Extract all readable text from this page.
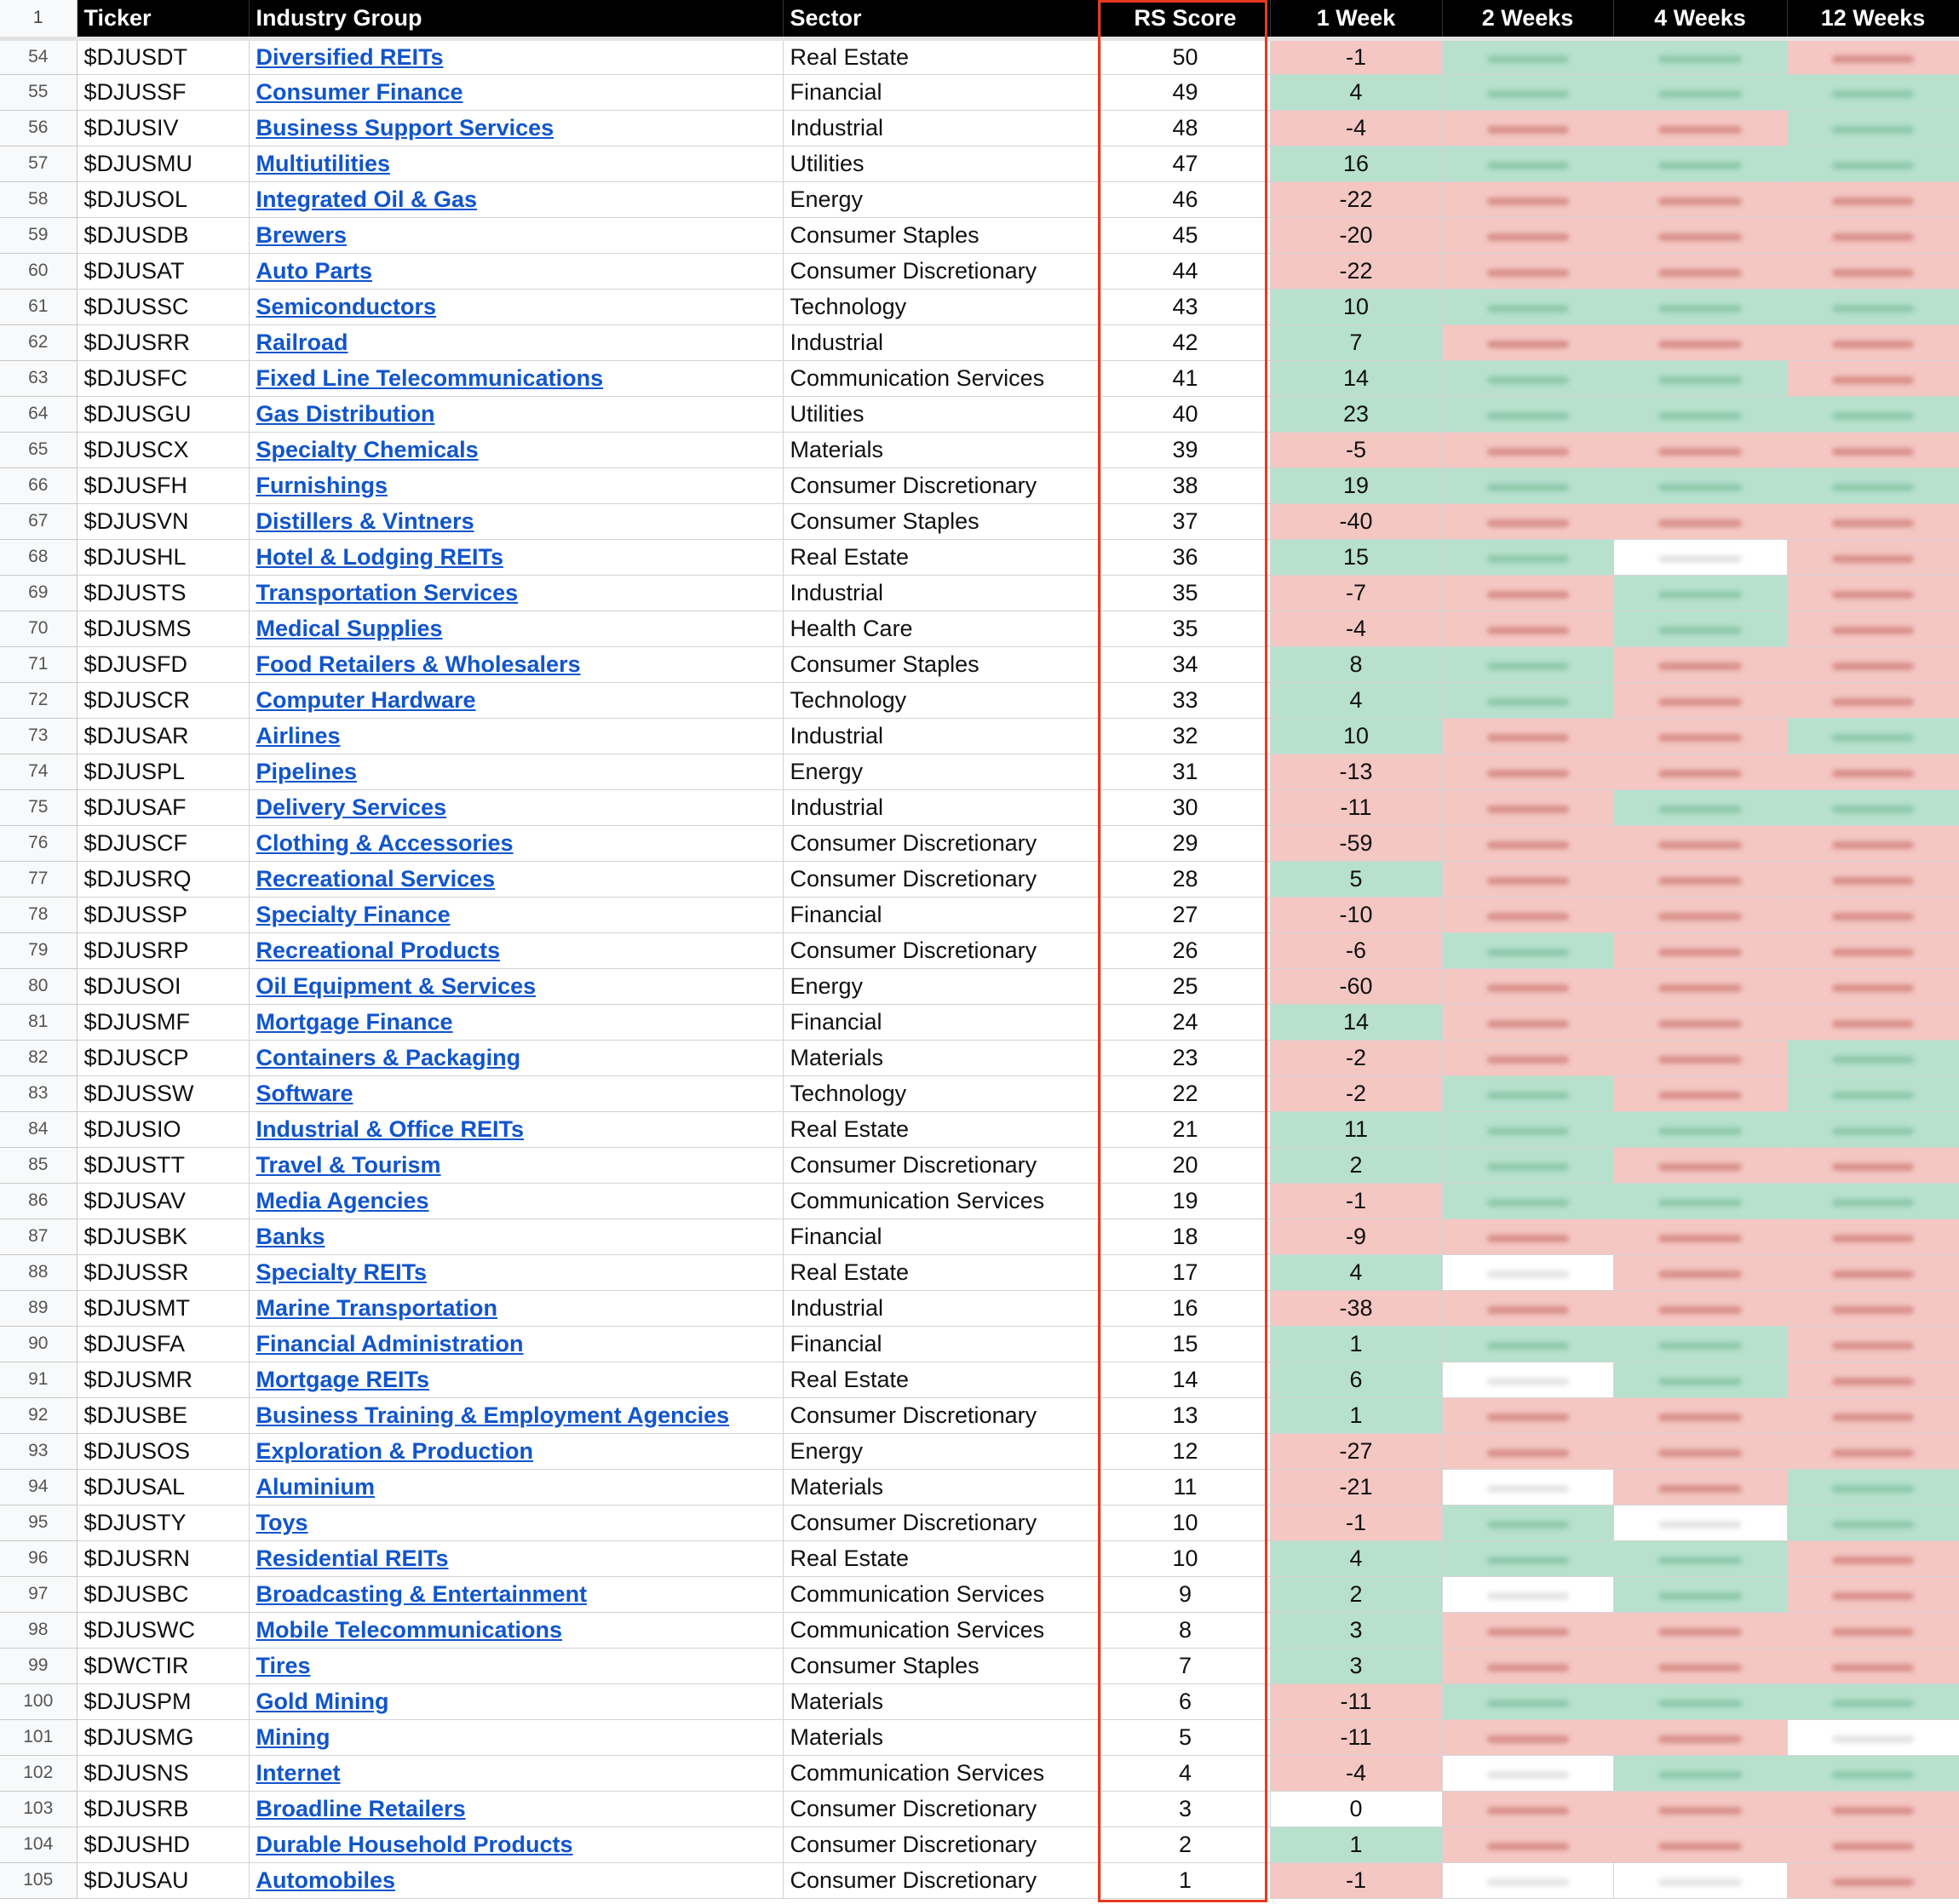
1	Ticker	Industry Group	Sector	RS Score	1 Week	2 Weeks	4 Weeks	12 Weeks
54	$DJUSDT	Diversified REITs	Real Estate	50	-1	

55	$DJUSSF	Consumer Finance	Financial	49	4	

56	$DJUSIV	Business Support Services	Industrial	48	-4	

57	$DJUSMU	Multiutilities	Utilities	47	16	

58	$DJUSOL	Integrated Oil & Gas	Energy	46	-22	

59	$DJUSDB	Brewers	Consumer Staples	45	-20	

60	$DJUSAT	Auto Parts	Consumer Discretionary	44	-22	

61	$DJUSSC	Semiconductors	Technology	43	10	

62	$DJUSRR	Railroad	Industrial	42	7	

63	$DJUSFC	Fixed Line Telecommunications	Communication Services	41	14	

64	$DJUSGU	Gas Distribution	Utilities	40	23	

65	$DJUSCX	Specialty Chemicals	Materials	39	-5	

66	$DJUSFH	Furnishings	Consumer Discretionary	38	19	

67	$DJUSVN	Distillers & Vintners	Consumer Staples	37	-40	

68	$DJUSHL	Hotel & Lodging REITs	Real Estate	36	15	

69	$DJUSTS	Transportation Services	Industrial	35	-7	

70	$DJUSMS	Medical Supplies	Health Care	35	-4	

71	$DJUSFD	Food Retailers & Wholesalers	Consumer Staples	34	8	

72	$DJUSCR	Computer Hardware	Technology	33	4	

73	$DJUSAR	Airlines	Industrial	32	10	

74	$DJUSPL	Pipelines	Energy	31	-13	

75	$DJUSAF	Delivery Services	Industrial	30	-11	

76	$DJUSCF	Clothing & Accessories	Consumer Discretionary	29	-59	

77	$DJUSRQ	Recreational Services	Consumer Discretionary	28	5	

78	$DJUSSP	Specialty Finance	Financial	27	-10	

79	$DJUSRP	Recreational Products	Consumer Discretionary	26	-6	

80	$DJUSOI	Oil Equipment & Services	Energy	25	-60	

81	$DJUSMF	Mortgage Finance	Financial	24	14	

82	$DJUSCP	Containers & Packaging	Materials	23	-2	

83	$DJUSSW	Software	Technology	22	-2	

84	$DJUSIO	Industrial & Office REITs	Real Estate	21	11	

85	$DJUSTT	Travel & Tourism	Consumer Discretionary	20	2	

86	$DJUSAV	Media Agencies	Communication Services	19	-1	

87	$DJUSBK	Banks	Financial	18	-9	

88	$DJUSSR	Specialty REITs	Real Estate	17	4	

89	$DJUSMT	Marine Transportation	Industrial	16	-38	

90	$DJUSFA	Financial Administration	Financial	15	1	

91	$DJUSMR	Mortgage REITs	Real Estate	14	6	

92	$DJUSBE	Business Training & Employment Agencies	Consumer Discretionary	13	1	

93	$DJUSOS	Exploration & Production	Energy	12	-27	

94	$DJUSAL	Aluminium	Materials	11	-21	

95	$DJUSTY	Toys	Consumer Discretionary	10	-1	

96	$DJUSRN	Residential REITs	Real Estate	10	4	

97	$DJUSBC	Broadcasting & Entertainment	Communication Services	9	2	

98	$DJUSWC	Mobile Telecommunications	Communication Services	8	3	

99	$DWCTIR	Tires	Consumer Staples	7	3	

100	$DJUSPM	Gold Mining	Materials	6	-11	

101	$DJUSMG	Mining	Materials	5	-11	

102	$DJUSNS	Internet	Communication Services	4	-4	

103	$DJUSRB	Broadline Retailers	Consumer Discretionary	3	0	

104	$DJUSHD	Durable Household Products	Consumer Discretionary	2	1	

105	$DJUSAU	Automobiles	Consumer Discretionary	1	-1	
